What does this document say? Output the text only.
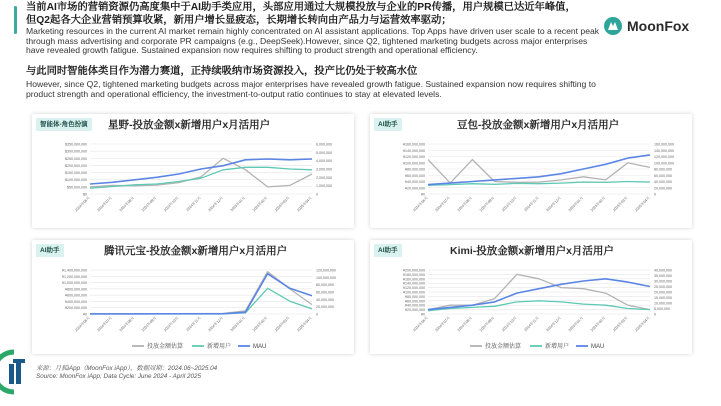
当前AI市场的营销资源仍高度集中于AI助手类应用，头部应用通过大规模投放与企业的PR传播，用户规模已达近年峰值，但Q2起各大企业营销预算收紧，新用户增长显疲态，长期增长转向由产品力与运营效率驱动；
Marketing resources in the current AI market remain highly concentrated on AI assistant applications. Top Apps have driven user scale to a recent peak through mass advertising and corporate PR campaigns (e.g., DeepSeek).However, since Q2, tightened marketing budgets across major enterprises have revealed growth fatigue. Sustained expansion now requires shifting to product strength and operational efficiency.
与此同时智能体类目作为潜力赛道，正持续吸纳市场资源投入，投产比仍处于较高水位
However, since Q2, tightened marketing budgets across major enterprises have revealed growth fatigue. Sustained expansion now requires shifting to product strength and operational efficiency, the investment-to-output ratio continues to stay at elevated levels.
MoonFox
$350,000,000
$300,000,000
$250,000,000
$200,000,000
$150,000,000
$100,000,000
$50,000,000
$0
6,000,000
5,000,000
4,000,000
3,000,000
2,000,000
1,000,000
0
2024年06月 2024年07月 2024年08月 2024年09月 2024年10月 2024年11月 2024年12月 2025年01月 2025年02月 2025年03月 2025年04月
智能体-角色扮演	星野-投放金额x新增用户x月活用户
¥160,000,000
¥140,000,000
¥120,000,000
¥100,000,000
¥80,000,000
¥60,000,000
¥40,000,000
¥20,000,000
¥0
160,000,000
140,000,000
120,000,000
100,000,000
80,000,000
60,000,000
40,000,000
20,000,000
0
2024年06月 2024年07月 2024年08月 2024年09月 2024年10月 2024年11月 2024年12月 2025年01月 2025年02月 2025年03月 2025年04月
AI助手	豆包-投放金额x新增用户x月活用户
¥1,400,000,000
¥1,200,000,000
¥1,000,000,000
¥800,000,000
¥600,000,000
¥400,000,000
¥200,000,000
¥0
120,000,000
100,000,000
80,000,000
60,000,000
40,000,000
20,000,000
0
2024年06月 2024年07月 2024年08月 2024年09月 2024年10月 2024年11月 2024年12月 2025年01月 2025年02月 2025年03月 2025年04月
投放金额估算	新增用户	MAU
AI助手	腾讯元宝-投放金额x新增用户x月活用户
¥200,000,000
¥180,000,000
¥160,000,000
¥140,000,000
¥120,000,000
¥100,000,000
¥80,000,000
¥60,000,000
¥40,000,000
¥20,000,000
¥0
40,000,000
35,000,000
30,000,000
25,000,000
20,000,000
15,000,000
10,000,000
5,000,000
0
2024年06月 2024年07月 2024年08月 2024年09月 2024年10月 2024年11月 2024年12月 2025年01月 2025年02月 2025年03月 2025年04月
投放金额估算	新增用户	MAU
AI助手	Kimi-投放金额x新增用户x月活用户
来源：月狐iApp（MoonFox iApp），数据周期：2024.06~2025.04
Source: MoonFox iApp; Data Cycle: June 2024 - April 2025
